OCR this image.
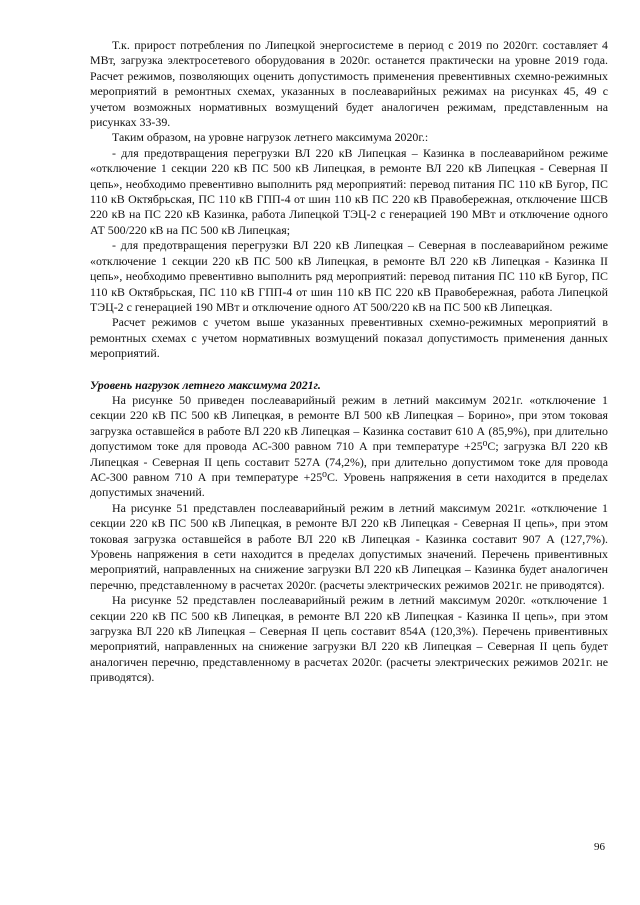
Т.к. прирост потребления по Липецкой энергосистеме в период с 2019 по 2020гг. составляет 4 МВт, загрузка электросетевого оборудования в 2020г. останется практически на уровне 2019 года. Расчет режимов, позволяющих оценить допустимость применения превентивных схемно-режимных мероприятий в ремонтных схемах, указанных в послеаварийных режимах на рисунках 45, 49 с учетом возможных нормативных возмущений будет аналогичен режимам, представленным на рисунках 33-39.

Таким образом, на уровне нагрузок летнего максимума 2020г.:

- для предотвращения перегрузки ВЛ 220 кВ Липецкая – Казинка в послеаварийном режиме «отключение 1 секции 220 кВ ПС 500 кВ Липецкая, в ремонте ВЛ 220 кВ Липецкая - Северная II цепь», необходимо превентивно выполнить ряд мероприятий: перевод питания ПС 110 кВ Бугор, ПС 110 кВ Октябрьская, ПС 110 кВ ГПП-4 от шин 110 кВ ПС 220 кВ Правобережная, отключение ШСВ 220 кВ на ПС 220 кВ Казинка, работа Липецкой ТЭЦ-2 с генерацией 190 МВт и отключение одного АТ 500/220 кВ на ПС 500 кВ Липецкая;

- для предотвращения перегрузки ВЛ 220 кВ Липецкая – Северная в послеаварийном режиме «отключение 1 секции 220 кВ ПС 500 кВ Липецкая, в ремонте ВЛ 220 кВ Липецкая - Казинка II цепь», необходимо превентивно выполнить ряд мероприятий: перевод питания ПС 110 кВ Бугор, ПС 110 кВ Октябрьская, ПС 110 кВ ГПП-4 от шин 110 кВ ПС 220 кВ Правобережная, работа Липецкой ТЭЦ-2 с генерацией 190 МВт и отключение одного АТ 500/220 кВ на ПС 500 кВ Липецкая.

Расчет режимов с учетом выше указанных превентивных схемно-режимных мероприятий в ремонтных схемах с учетом нормативных возмущений показал допустимость применения данных мероприятий.

Уровень нагрузок летнего максимума 2021г.

На рисунке 50 приведен послеаварийный режим в летний максимум 2021г. «отключение 1 секции 220 кВ ПС 500 кВ Липецкая, в ремонте ВЛ 500 кВ Липецкая – Борино», при этом токовая загрузка оставшейся в работе ВЛ 220 кВ Липецкая – Казинка составит 610 А (85,9%), при длительно допустимом токе для провода АС-300 равном 710 А при температуре +25⁰С; загрузка ВЛ 220 кВ Липецкая - Северная II цепь составит 527А (74,2%), при длительно допустимом токе для провода АС-300 равном 710 А при температуре +25⁰С. Уровень напряжения в сети находится в пределах допустимых значений.

На рисунке 51 представлен послеаварийный режим в летний максимум 2021г. «отключение 1 секции 220 кВ ПС 500 кВ Липецкая, в ремонте ВЛ 220 кВ Липецкая - Северная II цепь», при этом токовая загрузка оставшейся в работе ВЛ 220 кВ Липецкая - Казинка составит 907 А (127,7%). Уровень напряжения в сети находится в пределах допустимых значений. Перечень привентивных мероприятий, направленных на снижение загрузки ВЛ 220 кВ Липецкая – Казинка будет аналогичен перечню, представленному в расчетах 2020г. (расчеты электрических режимов 2021г. не приводятся).

На рисунке 52 представлен послеаварийный режим в летний максимум 2020г. «отключение 1 секции 220 кВ ПС 500 кВ Липецкая, в ремонте ВЛ 220 кВ Липецкая - Казинка II цепь», при этом загрузка ВЛ 220 кВ Липецкая – Северная II цепь составит 854А (120,3%). Перечень привентивных мероприятий, направленных на снижение загрузки ВЛ 220 кВ Липецкая – Северная II цепь будет аналогичен перечню, представленному в расчетах 2020г. (расчеты электрических режимов 2021г. не приводятся).

96
